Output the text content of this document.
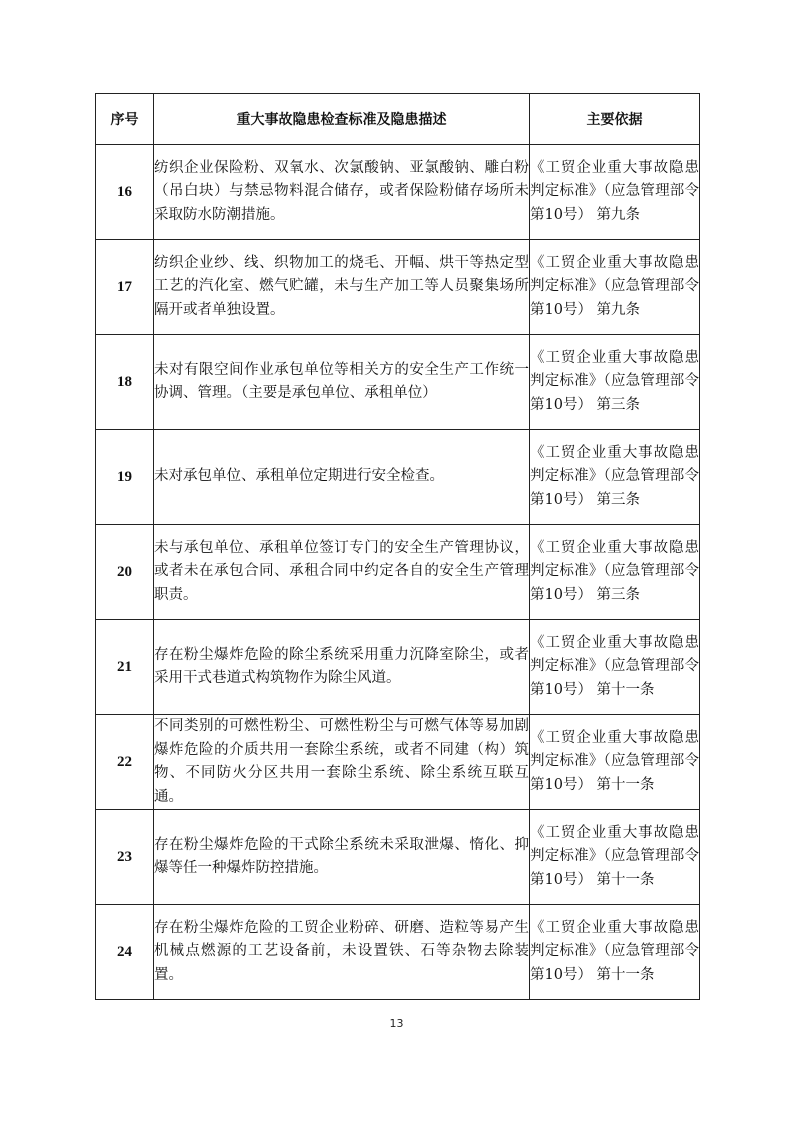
序号	重大事故隐患检查标准及隐患描述	主要依据
16	纺织企业保险粉、双氧水、次氯酸钠、亚氯酸钠、雕白粉（吊白块）与禁忌物料混合储存，或者保险粉储存场所未采取防水防潮措施。	《工贸企业重大事故隐患判定标准》（应急管理部令第10号） 第九条
17	纺织企业纱、线、织物加工的烧毛、开幅、烘干等热定型工艺的汽化室、燃气贮罐，未与生产加工等人员聚集场所隔开或者单独设置。	《工贸企业重大事故隐患判定标准》（应急管理部令第10号） 第九条
18	未对有限空间作业承包单位等相关方的安全生产工作统一协调、管理。（主要是承包单位、承租单位）	《工贸企业重大事故隐患判定标准》（应急管理部令第10号） 第三条
19	未对承包单位、承租单位定期进行安全检查。	《工贸企业重大事故隐患判定标准》（应急管理部令第10号） 第三条
20	未与承包单位、承租单位签订专门的安全生产管理协议，或者未在承包合同、承租合同中约定各自的安全生产管理职责。	《工贸企业重大事故隐患判定标准》（应急管理部令第10号） 第三条
21	存在粉尘爆炸危险的除尘系统采用重力沉降室除尘，或者采用干式巷道式构筑物作为除尘风道。	《工贸企业重大事故隐患判定标准》（应急管理部令第10号） 第十一条
22	不同类别的可燃性粉尘、可燃性粉尘与可燃气体等易加剧爆炸危险的介质共用一套除尘系统，或者不同建（构）筑物、不同防火分区共用一套除尘系统、除尘系统互联互通。	《工贸企业重大事故隐患判定标准》（应急管理部令第10号） 第十一条
23	存在粉尘爆炸危险的干式除尘系统未采取泄爆、惰化、抑爆等任一种爆炸防控措施。	《工贸企业重大事故隐患判定标准》（应急管理部令第10号） 第十一条
24	存在粉尘爆炸危险的工贸企业粉碎、研磨、造粒等易产生机械点燃源的工艺设备前，未设置铁、石等杂物去除装置。	《工贸企业重大事故隐患判定标准》（应急管理部令第10号） 第十一条
13
